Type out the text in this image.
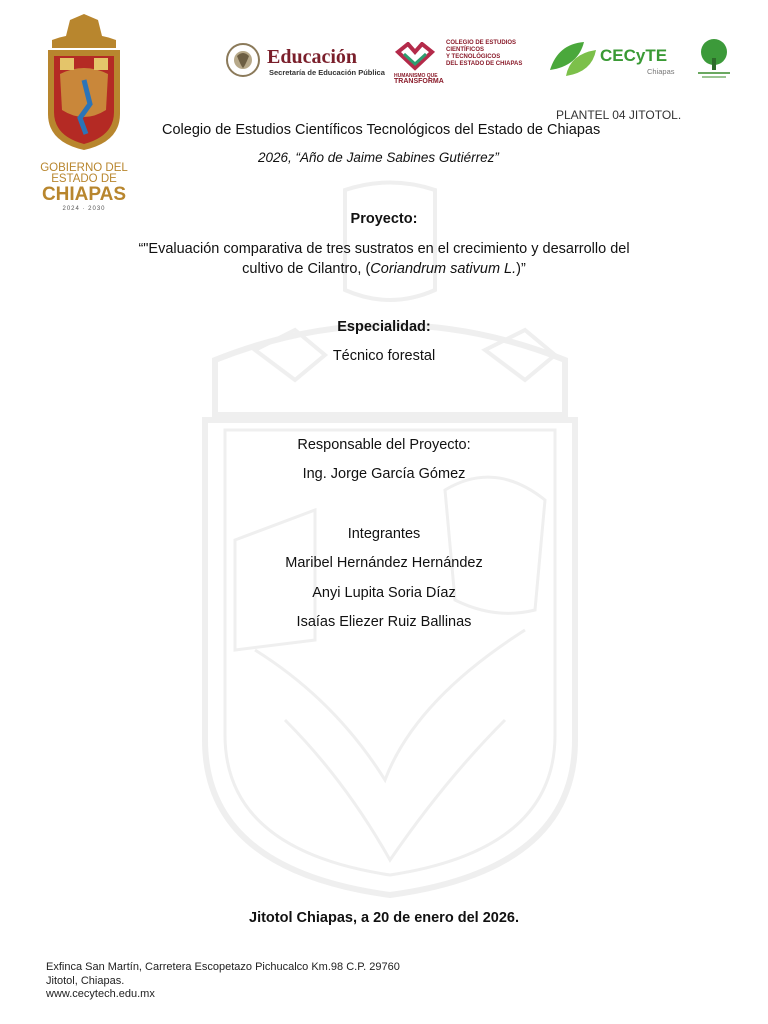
GOBIERNO DEL
ESTADO DE
CHIAPAS
2024 · 2030
Educación
Secretaría de Educación Pública HUMANISMO QUE
TRANSFORMA
COLEGIO DE ESTUDIOS
CIENTÍFICOS
Y TECNOLÓGICOS
DEL ESTADO DE CHIAPAS	CECyTE
Chiapas
PLANTEL 04 JITOTOL.
Colegio de Estudios Científicos Tecnológicos del Estado de Chiapas
2026, “Año de Jaime Sabines Gutiérrez”
Proyecto:
“"Evaluación comparativa de tres sustratos en el crecimiento y desarrollo del
cultivo de Cilantro, (Coriandrum sativum L.)”
Especialidad:
Técnico forestal
Responsable del Proyecto:
Ing. Jorge García Gómez
Integrantes
Maribel Hernández Hernández
Anyi Lupita Soria Díaz
Isaías Eliezer Ruiz Ballinas
Jitotol Chiapas, a 20 de enero del 2026.
Exfinca San Martín, Carretera Escopetazo Pichucalco Km.98 C.P. 29760
Jitotol, Chiapas.
www.cecytech.edu.mx
